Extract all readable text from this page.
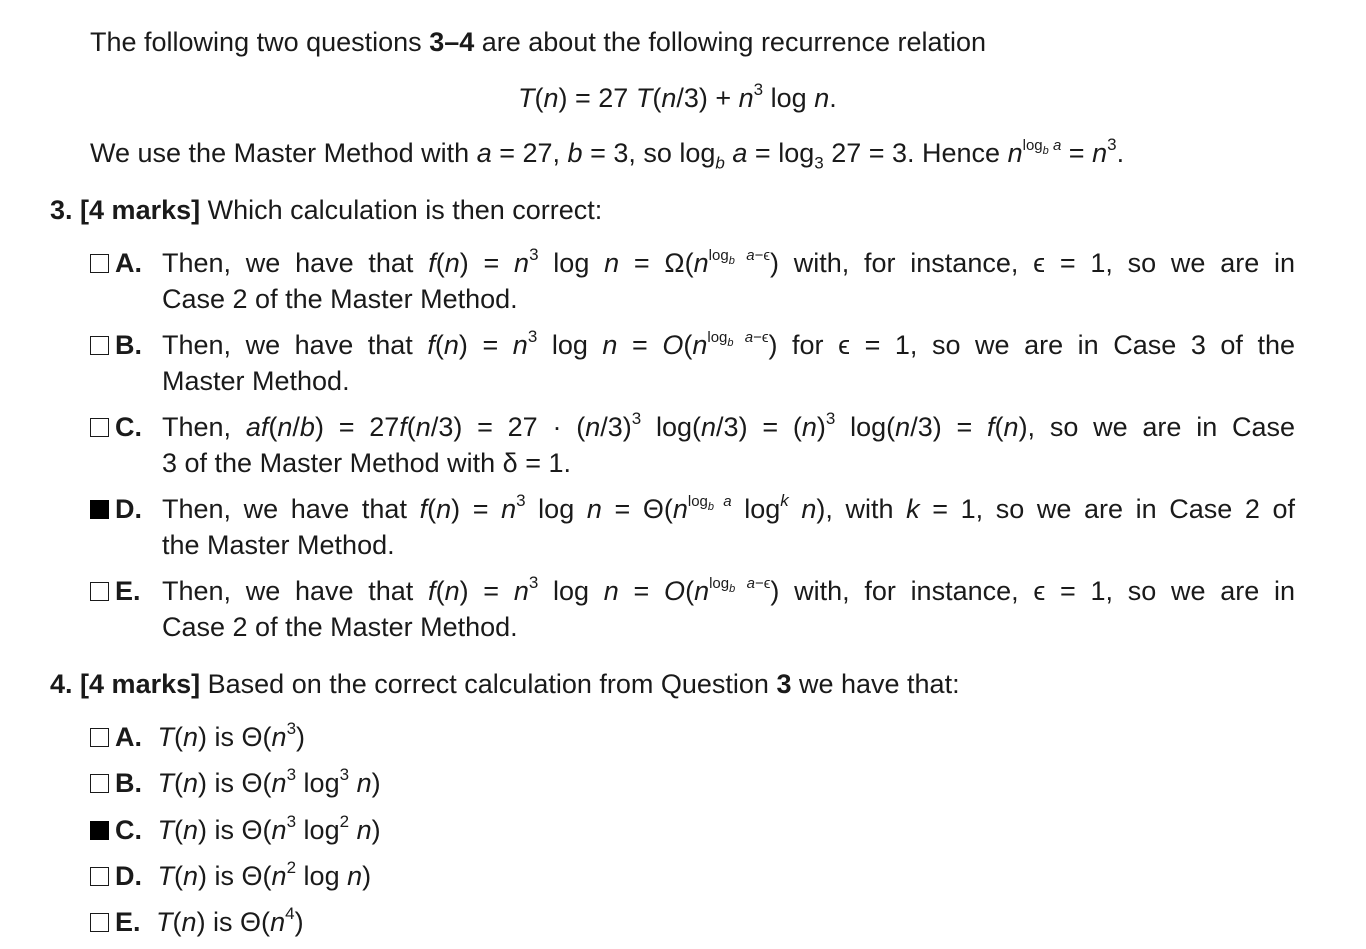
The following two questions 3–4 are about the following recurrence relation
T(n) = 27 $T(n/3) + n^3$ log n.
We use the Master Method with a = 27, b = 3, so $\log_b a = \log_3 27 = 3$. Hence $n^{log_b a} = n^3$.
3. [4 marks] Which calculation is then correct:
A. Then, we have that $f(n) = n^3$ $\log n = \Omega(n^{log_b a-\epsilon})$ with, for instance, ϵ = 1, so we are in
Case 2 of the Master Method.
B. Then, we have that $f(n) = n^3$ $\log n = O(n^{log_b a-\epsilon})$ for ϵ = 1, so we are in Case 3 of the
Master Method.
C. Then, $af(n/b) = 27f(n/3) = 27 \cdot (n/3)^3$ $\log(n/3) = (n)^3$ log(n/3) = f(n), so we are in Case
3 of the Master Method with δ = 1.
D. Then, we have that $f(n) = n^3$ $\log n = \Theta(n^{log_b a}$ $\log^k n$), with k = 1, so we are in Case 2 of
the Master Method.
E. Then, we have that $f(n) = n^3$ $\log n = O(n^{log_b a-\epsilon})$ with, for instance, ϵ = 1, so we are in
Case 2 of the Master Method.
4. [4 marks] Based on the correct calculation from Question 3 we have that:
A. T(n) is $\Theta(n^3)$
B. T(n) is $\Theta(n^3$ $\log^3 n$)
C. T(n) is $\Theta(n^3$ $\log^2 n$)
D. T(n) is $\Theta(n^2$ log n)
E. T(n) is $\Theta(n^4)$
